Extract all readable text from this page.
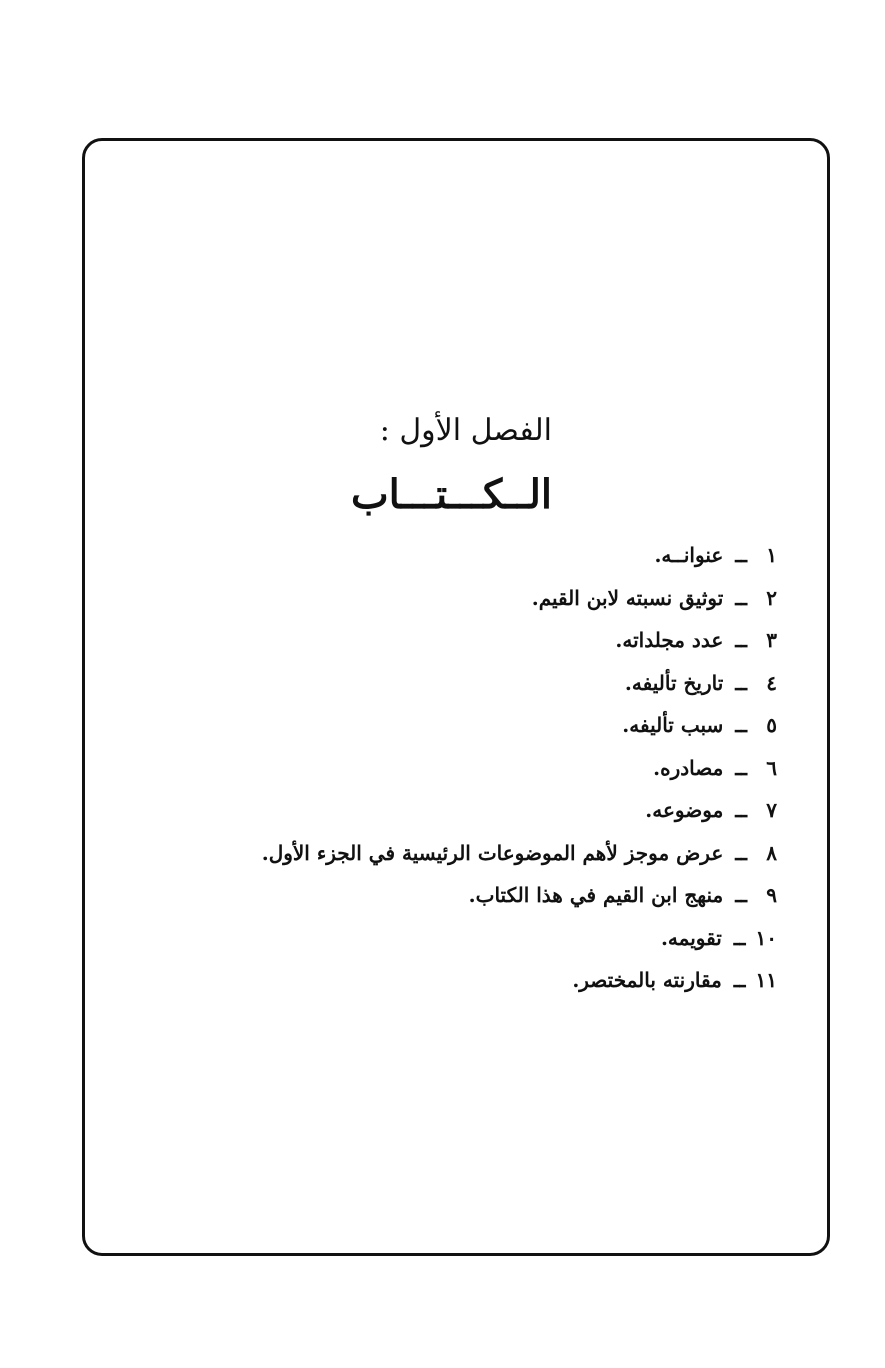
الفصل الأول :
الــكـــتـــاب
١ــعنوانــه.
٢ــتوثيق نسبته لابن القيم.
٣ــعدد مجلداته.
٤ــتاريخ تأليفه.
٥ــسبب تأليفه.
٦ــمصادره.
٧ــموضوعه.
٨ــعرض موجز لأهم الموضوعات الرئيسية في الجزء الأول.
٩ــمنهج ابن القيم في هذا الكتاب.
١٠ــتقويمه.
١١ــمقارنته بالمختصر.
